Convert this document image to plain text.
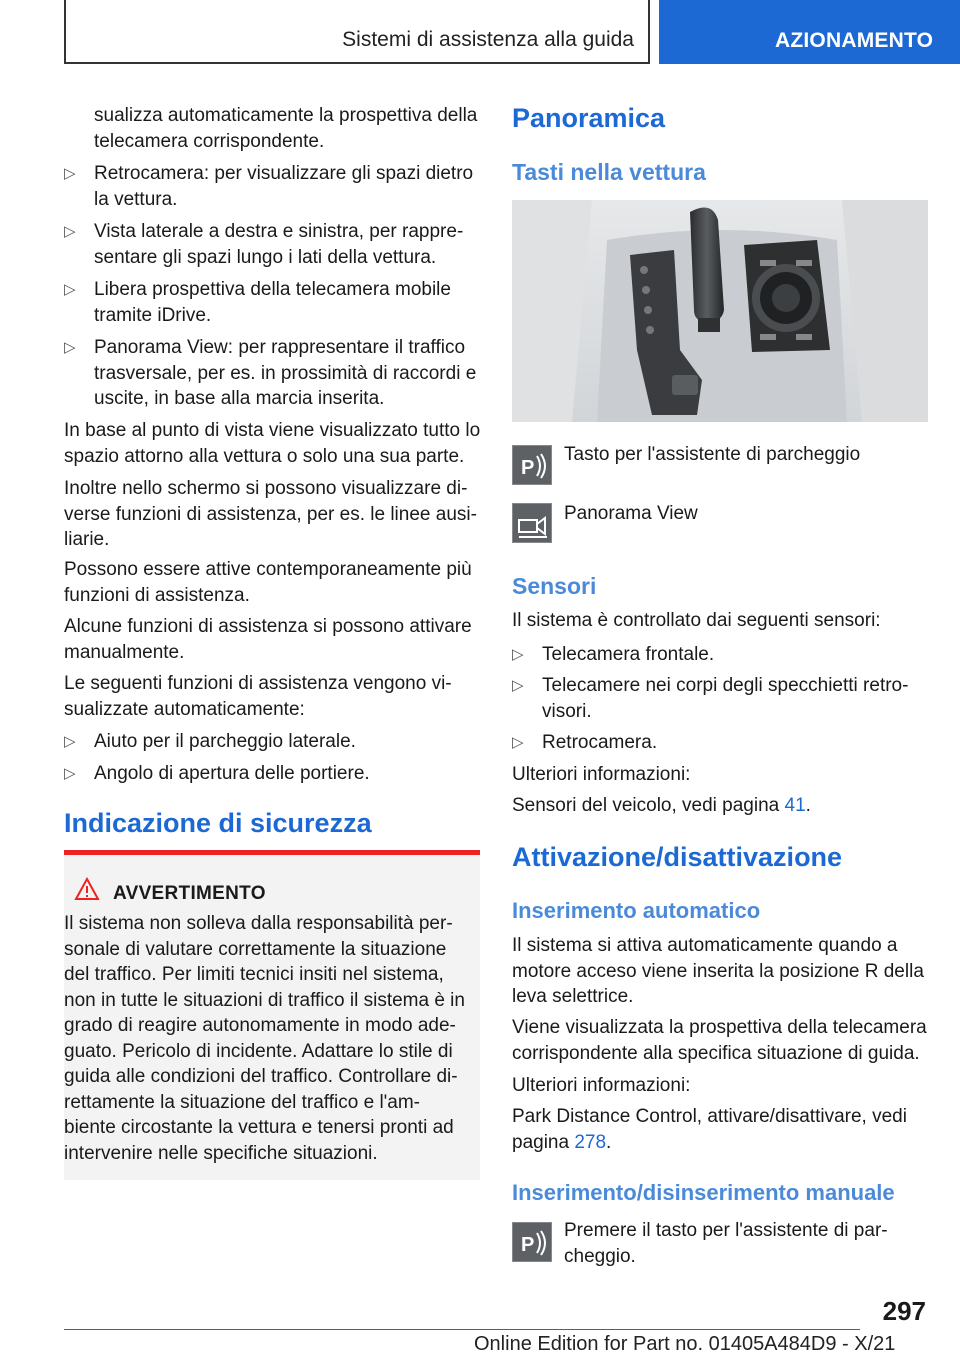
Sistemi di assistenza alla guida	AZIONAMENTO
sualizza automaticamente la prospettiva della
telecamera corrispondente.
▷ Retrocamera: per visualizzare gli spazi dietro
la vettura.
▷ Vista laterale a destra e sinistra, per rappre-
sentare gli spazi lungo i lati della vettura.
▷ Libera prospettiva della telecamera mobile
tramite iDrive.
▷ Panorama View: per rappresentare il traffico
trasversale, per es. in prossimità di raccordi e
uscite, in base alla marcia inserita.
In base al punto di vista viene visualizzato tutto lo
spazio attorno alla vettura o solo una sua parte.
Inoltre nello schermo si possono visualizzare di-
verse funzioni di assistenza, per es. le linee ausi-
liarie.
Possono essere attive contemporaneamente più
funzioni di assistenza.
Alcune funzioni di assistenza si possono attivare
manualmente.
Le seguenti funzioni di assistenza vengono vi-
sualizzate automaticamente:
▷ Aiuto per il parcheggio laterale.
▷ Angolo di apertura delle portiere.
Indicazione di sicurezza
AVVERTIMENTO
Il sistema non solleva dalla responsabilità per-
sonale di valutare correttamente la situazione
del traffico. Per limiti tecnici insiti nel sistema,
non in tutte le situazioni di traffico il sistema è in
grado di reagire autonomamente in modo ade-
guato. Pericolo di incidente. Adattare lo stile di
guida alle condizioni del traffico. Controllare di-
rettamente la situazione del traffico e l'am-
biente circostante la vettura e tenersi pronti ad
intervenire nelle specifiche situazioni.
Panoramica
Tasti nella vettura
P
Tasto per l'assistente di parcheggio
Panorama View
Sensori
Il sistema è controllato dai seguenti sensori:
▷ Telecamera frontale.
▷ Telecamere nei corpi degli specchietti retro-
visori.
▷ Retrocamera.
Ulteriori informazioni:
Sensori del veicolo, vedi pagina 41.
Attivazione/disattivazione
Inserimento automatico
Il sistema si attiva automaticamente quando a
motore acceso viene inserita la posizione R della
leva selettrice.
Viene visualizzata la prospettiva della telecamera
corrispondente alla specifica situazione di guida.
Ulteriori informazioni:
Park Distance Control, attivare/disattivare, vedi
pagina 278.
Inserimento/disinserimento manuale
P
Premere il tasto per l'assistente di par-
cheggio.
297
Online Edition for Part no. 01405A484D9 - X/21
